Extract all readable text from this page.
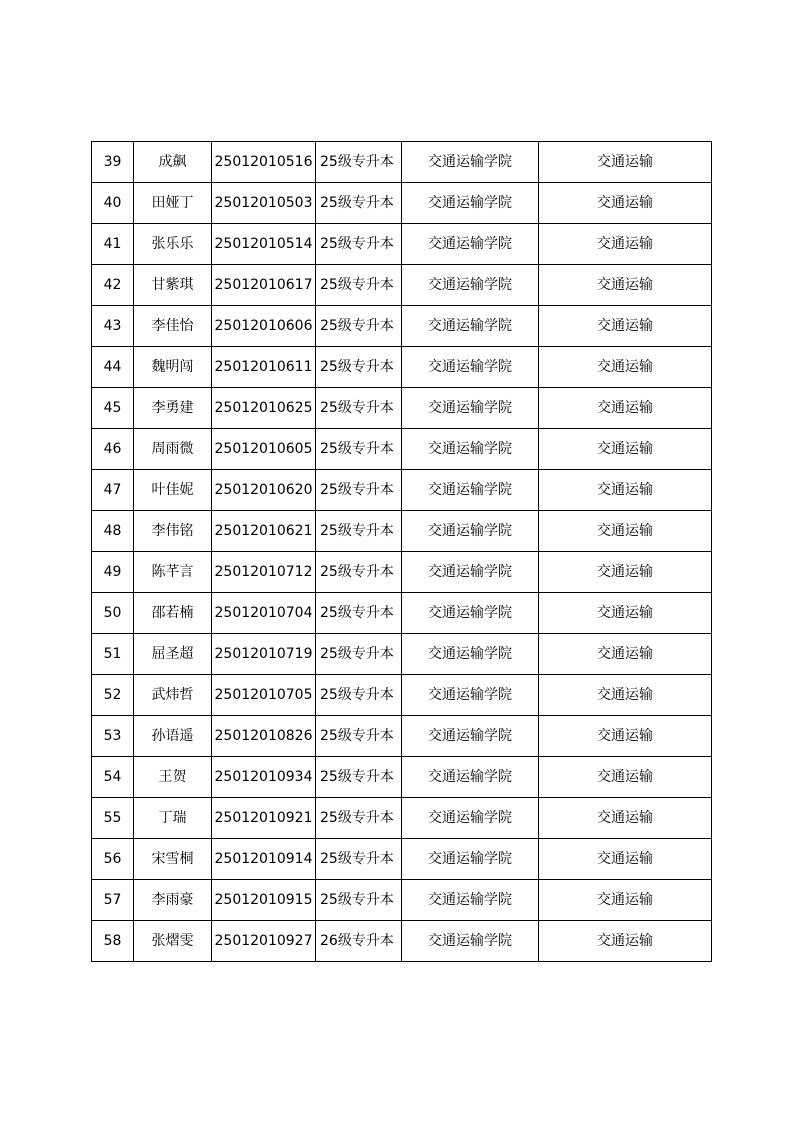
39	成飙	25012010516	25级专升本	交通运输学院	交通运输
40	田娅丁	25012010503	25级专升本	交通运输学院	交通运输
41	张乐乐	25012010514	25级专升本	交通运输学院	交通运输
42	甘紫琪	25012010617	25级专升本	交通运输学院	交通运输
43	李佳怡	25012010606	25级专升本	交通运输学院	交通运输
44	魏明闯	25012010611	25级专升本	交通运输学院	交通运输
45	李勇建	25012010625	25级专升本	交通运输学院	交通运输
46	周雨微	25012010605	25级专升本	交通运输学院	交通运输
47	叶佳妮	25012010620	25级专升本	交通运输学院	交通运输
48	李伟铭	25012010621	25级专升本	交通运输学院	交通运输
49	陈芊言	25012010712	25级专升本	交通运输学院	交通运输
50	邵若楠	25012010704	25级专升本	交通运输学院	交通运输
51	屈圣超	25012010719	25级专升本	交通运输学院	交通运输
52	武炜哲	25012010705	25级专升本	交通运输学院	交通运输
53	孙语遥	25012010826	25级专升本	交通运输学院	交通运输
54	王贺	25012010934	25级专升本	交通运输学院	交通运输
55	丁瑞	25012010921	25级专升本	交通运输学院	交通运输
56	宋雪桐	25012010914	25级专升本	交通运输学院	交通运输
57	李雨豪	25012010915	25级专升本	交通运输学院	交通运输
58	张熠雯	25012010927	26级专升本	交通运输学院	交通运输
